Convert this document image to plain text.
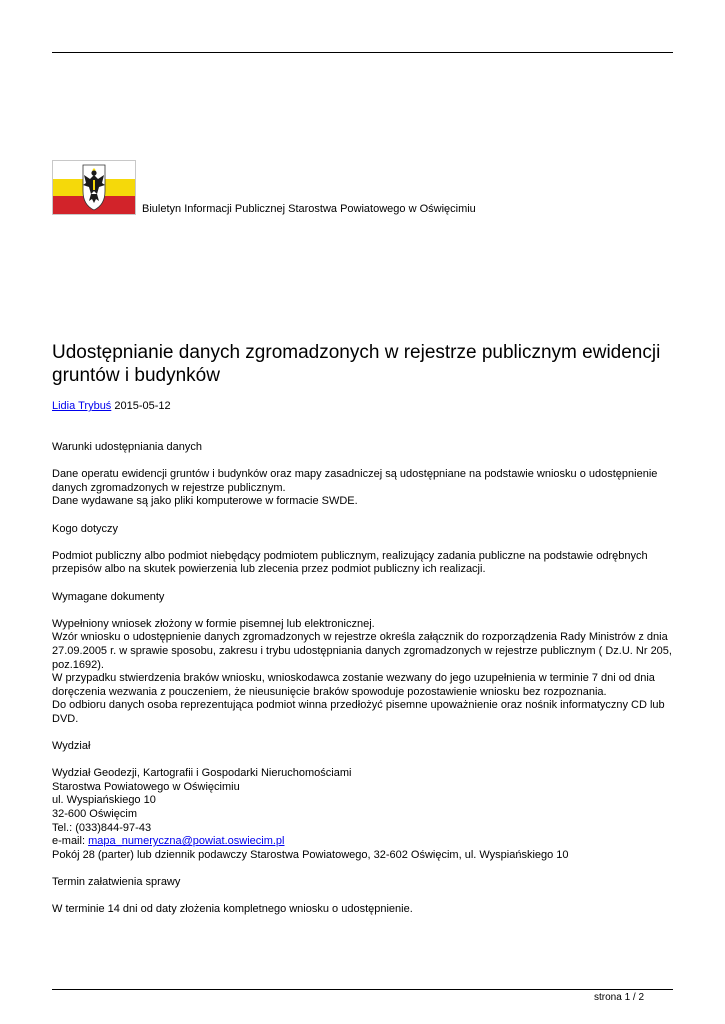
Biuletyn Informacji Publicznej Starostwa Powiatowego w Oświęcimiu
Udostępnianie danych zgromadzonych w rejestrze publicznym ewidencji gruntów i budynków
Lidia Trybuś 2015-05-12

Warunki udostępniania danych

Dane operatu ewidencji gruntów i budynków oraz mapy zasadniczej są udostępniane na podstawie wniosku o udostępnienie danych zgromadzonych w rejestrze publicznym.
Dane wydawane są jako pliki komputerowe w formacie SWDE.

Kogo dotyczy

Podmiot publiczny albo podmiot niebędący podmiotem publicznym, realizujący zadania publiczne na podstawie odrębnych przepisów albo na skutek powierzenia lub zlecenia przez podmiot publiczny ich realizacji.

Wymagane dokumenty

Wypełniony wniosek złożony w formie pisemnej lub elektronicznej.
Wzór wniosku o udostępnienie danych zgromadzonych w rejestrze określa załącznik do rozporządzenia Rady Ministrów z dnia 27.09.2005 r. w sprawie sposobu, zakresu i trybu udostępniania danych zgromadzonych w rejestrze publicznym ( Dz.U. Nr 205, poz.1692).
W przypadku stwierdzenia braków wniosku, wnioskodawca zostanie wezwany do jego uzupełnienia w terminie 7 dni od dnia doręczenia wezwania z pouczeniem, że nieusunięcie braków spowoduje pozostawienie wniosku bez rozpoznania.
Do odbioru danych osoba reprezentująca podmiot winna przedłożyć pisemne upoważnienie oraz nośnik informatyczny CD lub DVD.

Wydział

Wydział Geodezji, Kartografii i Gospodarki Nieruchomościami
Starostwa Powiatowego w Oświęcimiu
ul. Wyspiańskiego 10
32-600 Oświęcim
Tel.: (033)844-97-43
e-mail: mapa_numeryczna@powiat.oswiecim.pl
Pokój 28 (parter) lub dziennik podawczy Starostwa Powiatowego, 32-602 Oświęcim, ul. Wyspiańskiego 10

Termin załatwienia sprawy

W terminie 14 dni od daty złożenia kompletnego wniosku o udostępnienie.

strona 1 / 2
